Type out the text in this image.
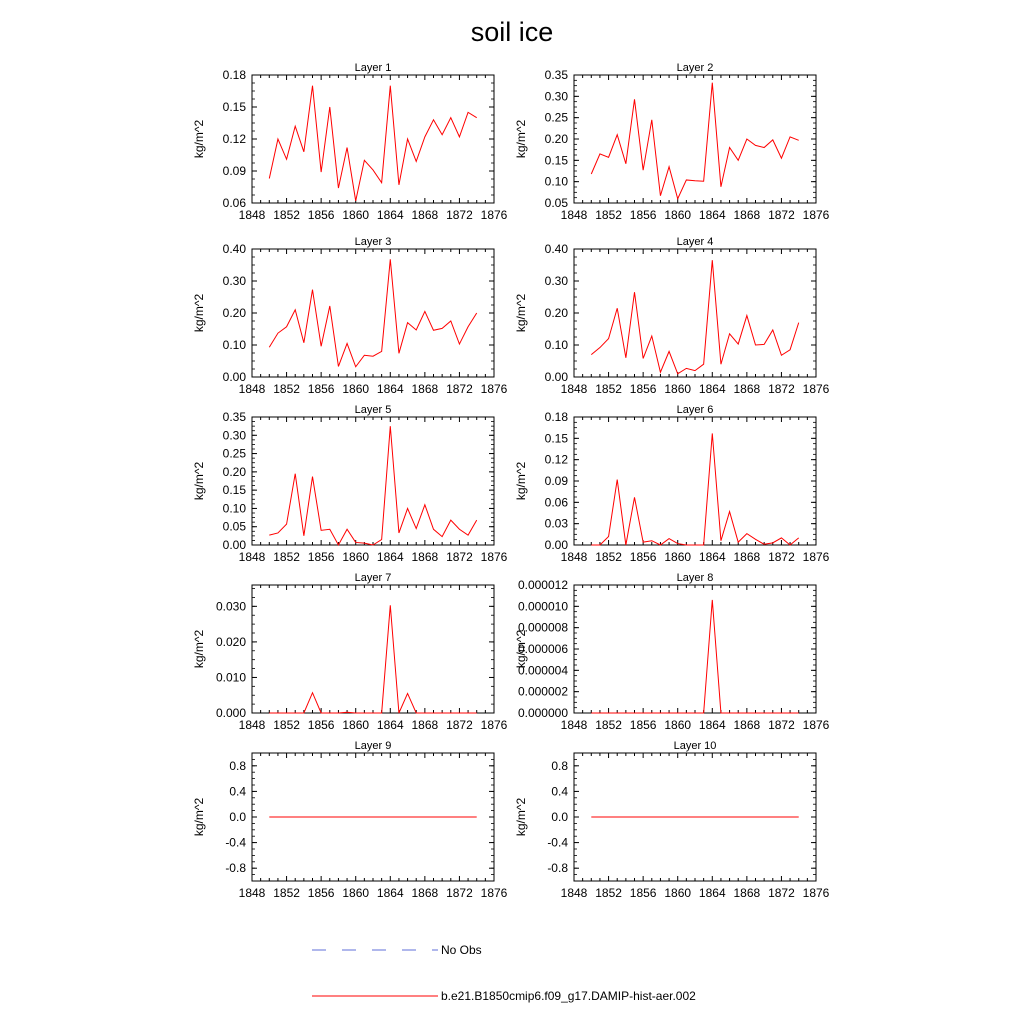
soil ice
Layer 1
1848 1852 1856 1860 1864 1868 1872 1876
0.06
0.09
0.12
0.15
0.18
kg/m^2
Layer 2
1848 1852 1856 1860 1864 1868 1872 1876
0.05
0.10
0.15
0.20
0.25
0.30
0.35
kg/m^2
Layer 3
1848 1852 1856 1860 1864 1868 1872 1876
0.00
0.10
0.20
0.30
0.40
kg/m^2
Layer 4
1848 1852 1856 1860 1864 1868 1872 1876
0.00
0.10
0.20
0.30
0.40
kg/m^2
Layer 5
1848 1852 1856 1860 1864 1868 1872 1876
0.00
0.05
0.10
0.15
0.20
0.25
0.30
0.35
kg/m^2
Layer 6
1848 1852 1856 1860 1864 1868 1872 1876
0.00
0.03
0.06
0.09
0.12
0.15
0.18
kg/m^2
Layer 7
1848 1852 1856 1860 1864 1868 1872 1876
0.000
0.010
0.020
0.030
kg/m^2
Layer 8
1848 1852 1856 1860 1864 1868 1872 1876
0.000000
0.000002
0.000004
0.000006
0.000008
0.000010
0.000012
kg/m^2
Layer 9
1848 1852 1856 1860 1864 1868 1872 1876
-0.8
-0.4
0.0
0.4
0.8
kg/m^2
Layer 10
1848 1852 1856 1860 1864 1868 1872 1876
-0.8
-0.4
0.0
0.4
0.8
kg/m^2
No Obs
b.e21.B1850cmip6.f09_g17.DAMIP-hist-aer.002
